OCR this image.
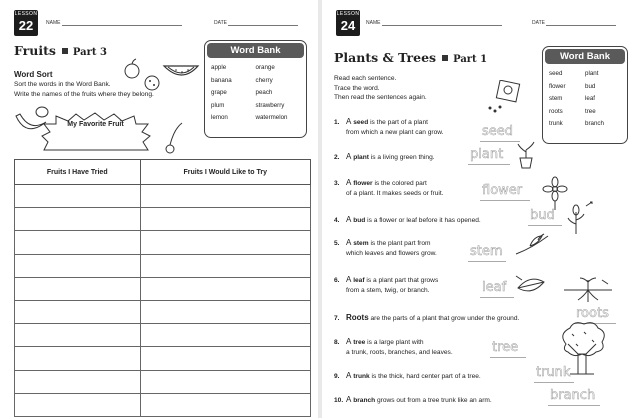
LESSON
22	NAME	DATE
Fruits Part 3	Word Bank
apple
banana
grape
plum
lemon
orange
cherry
peach
strawberry
watermelon
Word Sort
Sort the words in the Word Bank.
Write the names of the fruits where they belong.
My Favorite Fruit
Fruits I Have Tried	Fruits I Would Like to Try

LESSON
24	NAME	DATE
Plants & Trees Part 1	Word Bank
seed
flower
stem
roots
trunk
plant
bud
leaf
tree
branch
Read each sentence.
Trace the word.
Then read the sentences again.
1. A seed is the part of a plant
from which a new plant can grow.	seed
2. A plant is a living green thing.	plant
3. A flower is the colored part
of a plant. It makes seeds or fruit.	flower
4. A bud is a flower or leaf before it has opened.	bud
5. A stem is the plant part from
which leaves and flowers grow.	stem
6. A leaf is a plant part that grows
from a stem, twig, or branch.	leaf
7. Roots are the parts of a plant that grow under the ground.	roots
8. A tree is a large plant with
a trunk, roots, branches, and leaves.	tree
9. A trunk is the thick, hard center part of a tree.	trunk
10. A branch grows out from a tree trunk like an arm.	branch
